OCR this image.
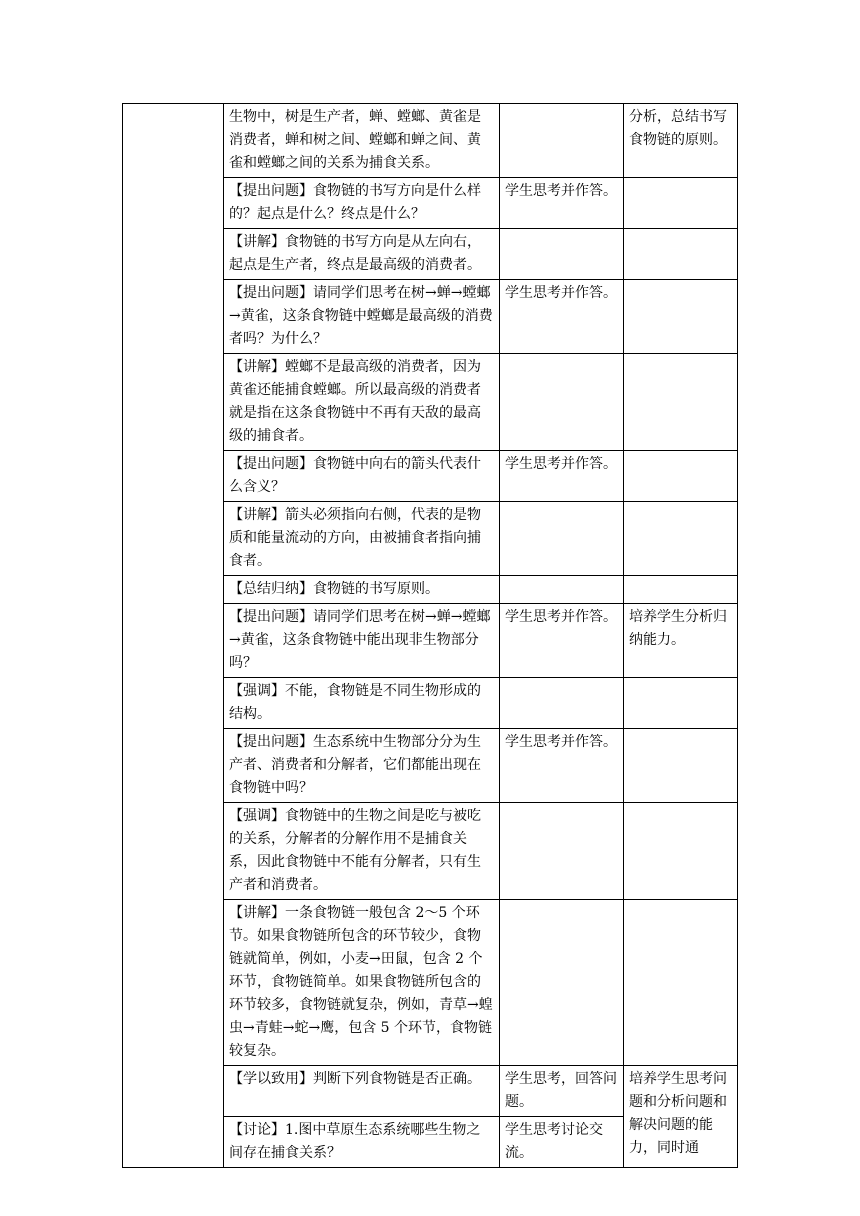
	生物中，树是生产者，蝉、螳螂、黄雀是消费者，蝉和树之间、螳螂和蝉之间、黄雀和螳螂之间的关系为捕食关系。		分析，总结书写食物链的原则。
	【提出问题】食物链的书写方向是什么样的？起点是什么？终点是什么？	学生思考并作答。	
	【讲解】食物链的书写方向是从左向右，起点是生产者，终点是最高级的消费者。		
	【提出问题】请同学们思考在树→蝉→螳螂→黄雀，这条食物链中螳螂是最高级的消费者吗？为什么？	学生思考并作答。	
	【讲解】螳螂不是最高级的消费者，因为黄雀还能捕食螳螂。所以最高级的消费者就是指在这条食物链中不再有天敌的最高级的捕食者。		
	【提出问题】食物链中向右的箭头代表什么含义？	学生思考并作答。	
	【讲解】箭头必须指向右侧，代表的是物质和能量流动的方向，由被捕食者指向捕食者。		
	【总结归纳】食物链的书写原则。		
	【提出问题】请同学们思考在树→蝉→螳螂→黄雀，这条食物链中能出现非生物部分吗？	学生思考并作答。	培养学生分析归纳能力。
	【强调】不能，食物链是不同生物形成的结构。		
	【提出问题】生态系统中生物部分分为生产者、消费者和分解者，它们都能出现在食物链中吗？	学生思考并作答。	
	【强调】食物链中的生物之间是吃与被吃的关系，分解者的分解作用不是捕食关系，因此食物链中不能有分解者，只有生产者和消费者。		
	【讲解】一条食物链一般包含 2～5 个环节。如果食物链所包含的环节较少，食物链就简单，例如，小麦→田鼠，包含 2 个环节，食物链简单。如果食物链所包含的环节较多，食物链就复杂，例如，青草→蝗虫→青蛙→蛇→鹰，包含 5 个环节，食物链较复杂。		
	【学以致用】判断下列食物链是否正确。	学生思考，回答问题。	培养学生思考问题和分析问题和解决问题的能力，同时通
	【讨论】1.图中草原生态系统哪些生物之间存在捕食关系？	学生思考讨论交流。	
